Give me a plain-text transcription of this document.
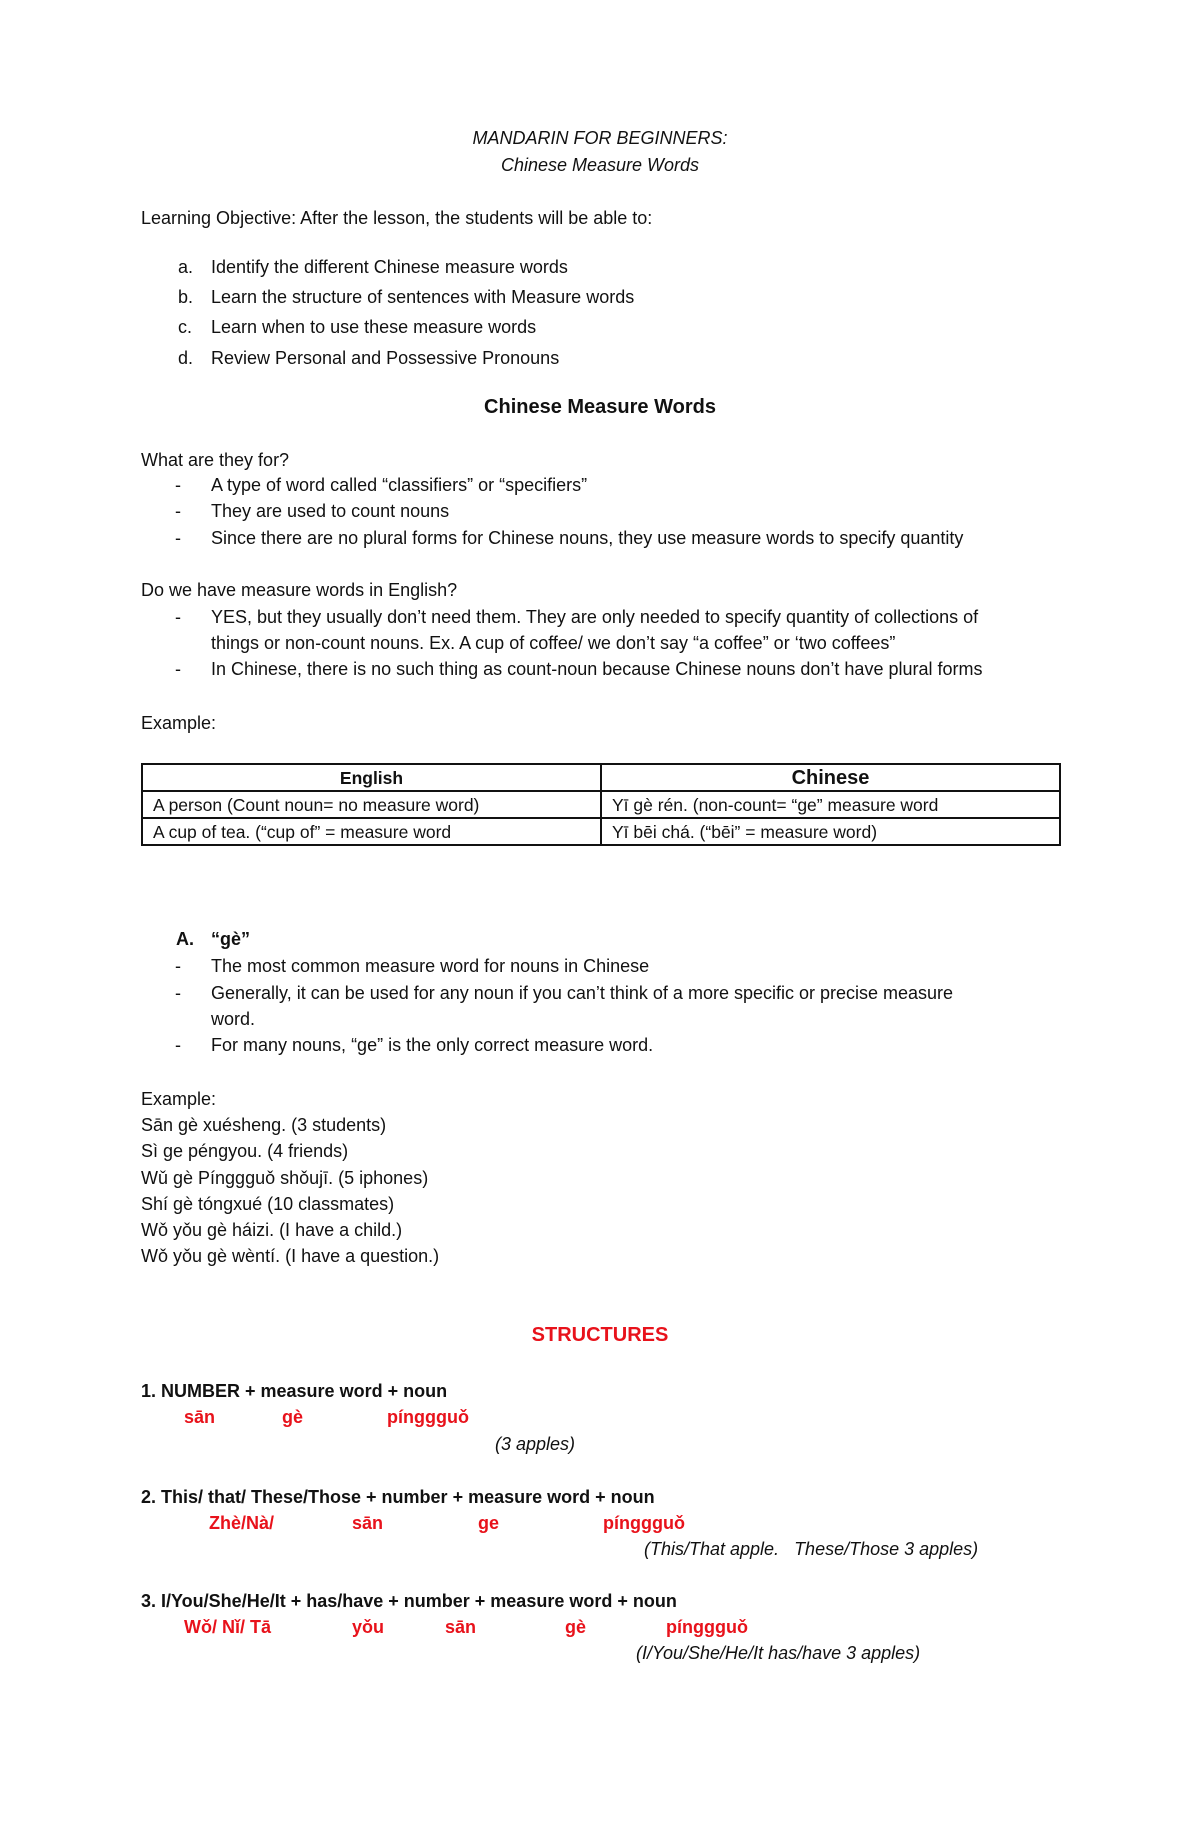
MANDARIN FOR BEGINNERS:
Chinese Measure Words
Learning Objective: After the lesson, the students will be able to:
a. Identify the different Chinese measure words
b. Learn the structure of sentences with Measure words
c. Learn when to use these measure words
d. Review Personal and Possessive Pronouns
Chinese Measure Words
What are they for?
- A type of word called “classifiers” or “specifiers”
- They are used to count nouns
- Since there are no plural forms for Chinese nouns, they use measure words to specify quantity
Do we have measure words in English?
- YES, but they usually don’t need them. They are only needed to specify quantity of collections of
things or non-count nouns. Ex. A cup of coffee/ we don’t say “a coffee” or ‘two coffees”
- In Chinese, there is no such thing as count-noun because Chinese nouns don’t have plural forms
Example:
English	Chinese
A person (Count noun= no measure word)	Yī gè rén. (non-count= “ge” measure word
A cup of tea. (“cup of” = measure word	Yī bēi chá. (“bēi” = measure word)
A. “gè”
- The most common measure word for nouns in Chinese
- Generally, it can be used for any noun if you can’t think of a more specific or precise measure
word.
- For many nouns, “ge” is the only correct measure word.
Example:
Sān gè xuésheng. (3 students)
Sì ge péngyou. (4 friends)
Wǔ gè Pínggguǒ shǒujī. (5 iphones)
Shí gè tóngxué (10 classmates)
Wǒ yǒu gè háizi. (I have a child.)
Wǒ yǒu gè wèntí. (I have a question.)
STRUCTURES
1. NUMBER + measure word + noun
sān	gè	pínggguǒ
(3 apples)
2. This/ that/ These/Those + number + measure word + noun
Zhè/Nà/	sān	ge	pínggguǒ
(This/That apple.   These/Those 3 apples)
3. I/You/She/He/It + has/have + number + measure word + noun
Wǒ/ Nǐ/ Tā	yǒu	sān	gè	pínggguǒ
(I/You/She/He/It has/have 3 apples)
